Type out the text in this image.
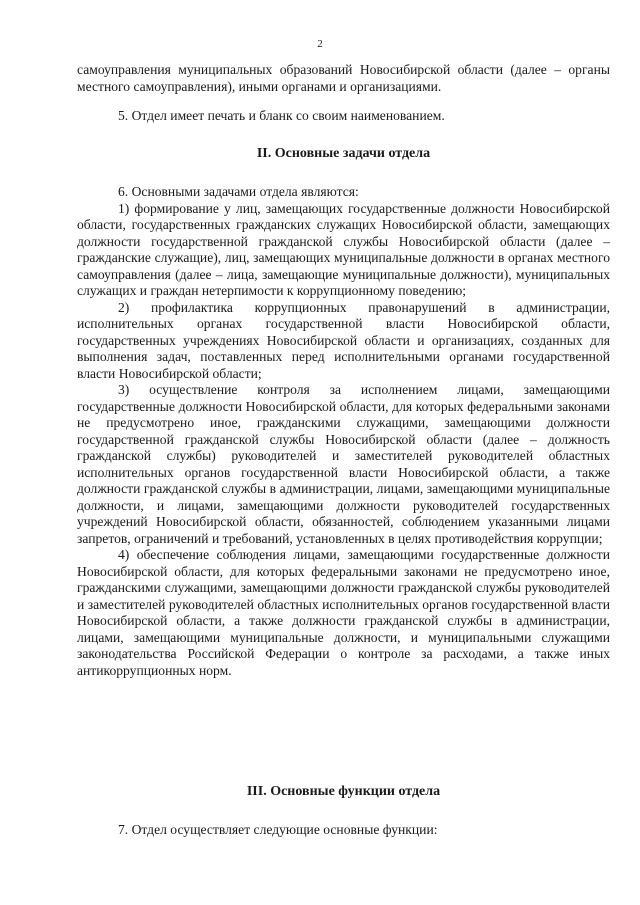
2

самоуправления муниципальных образований Новосибирской области (далее – органы местного самоуправления), иными органами и организациями.

5. Отдел имеет печать и бланк со своим наименованием.

II. Основные задачи отдела

6. Основными задачами отдела являются:

1) формирование у лиц, замещающих государственные должности Новосибирской области, государственных гражданских служащих Новосибирской области, замещающих должности государственной гражданской службы Новосибирской области (далее – гражданские служащие), лиц, замещающих муниципальные должности в органах местного самоуправления (далее – лица, замещающие муниципальные должности), муниципальных служащих и граждан нетерпимости к коррупционному поведению;

2) профилактика коррупционных правонарушений в администрации, исполнительных органах государственной власти Новосибирской области, государственных учреждениях Новосибирской области и организациях, созданных для выполнения задач, поставленных перед исполнительными органами государственной власти Новосибирской области;

3) осуществление контроля за исполнением лицами, замещающими государственные должности Новосибирской области, для которых федеральными законами не предусмотрено иное, гражданскими служащими, замещающими должности государственной гражданской службы Новосибирской области (далее – должность гражданской службы) руководителей и заместителей руководителей областных исполнительных органов государственной власти Новосибирской области, а также должности гражданской службы в администрации, лицами, замещающими муниципальные должности, и лицами, замещающими должности руководителей государственных учреждений Новосибирской области, обязанностей, соблюдением указанными лицами запретов, ограничений и требований, установленных в целях противодействия коррупции;

4) обеспечение соблюдения лицами, замещающими государственные должности Новосибирской области, для которых федеральными законами не предусмотрено иное, гражданскими служащими, замещающими должности гражданской службы руководителей и заместителей руководителей областных исполнительных органов государственной власти Новосибирской области, а также должности гражданской службы в администрации, лицами, замещающими муниципальные должности, и муниципальными служащими законодательства Российской Федерации о контроле за расходами, а также иных антикоррупционных норм.

III. Основные функции отдела

7. Отдел осуществляет следующие основные функции:
